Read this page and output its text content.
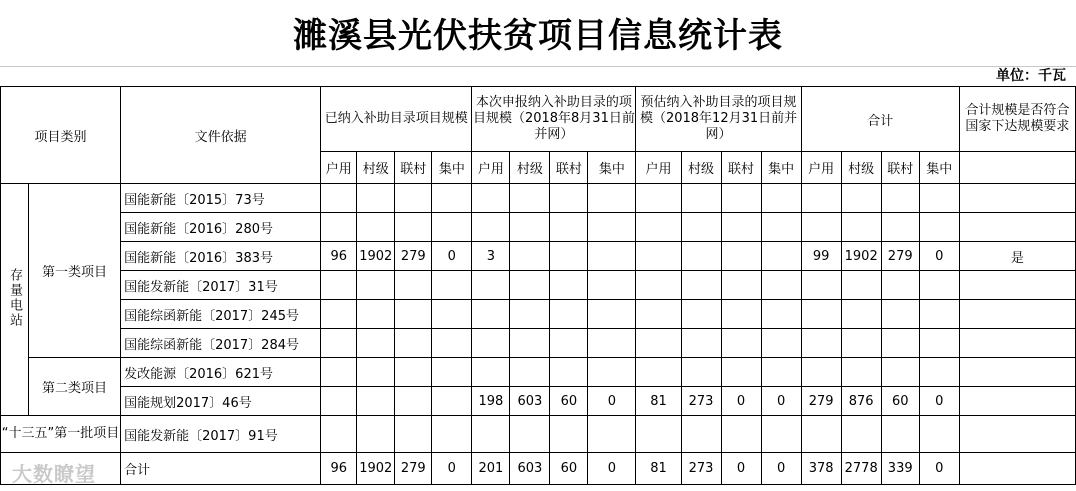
濉溪县光伏扶贫项目信息统计表
单位：千瓦
项目类别		文件依据	已纳入补助目录项目规模				本次申报纳入补助目录的项目规模（2018年8月31日前并网）				预估纳入补助目录的项目规模（2018年12月31日前并网）				合计				合计规模是否符合国家下达规模要求
			户用	村级	联村	集中	户用	村级	联村	集中	户用	村级	联村	集中	户用	村级	联村	集中	
存量电站	第一类项目	国能新能〔2015〕73号																	
		国能新能〔2016〕280号																	
		国能新能〔2016〕383号	96	1902	279	0	3								99	1902	279	0	是
		国能发新能〔2017〕31号																	
		国能综函新能〔2017〕245号																	
		国能综函新能〔2017〕284号																	
	第二类项目	发改能源〔2016〕621号																	
		国能规划2017〕46号					198	603	60	0	81	273	0	0	279	876	60	0	
“十三五”第一批项目		国能发新能〔2017〕91号																	
		合计	96	1902	279	0	201	603	60	0	81	273	0	0	378	2778	339	0	
大数瞭望
